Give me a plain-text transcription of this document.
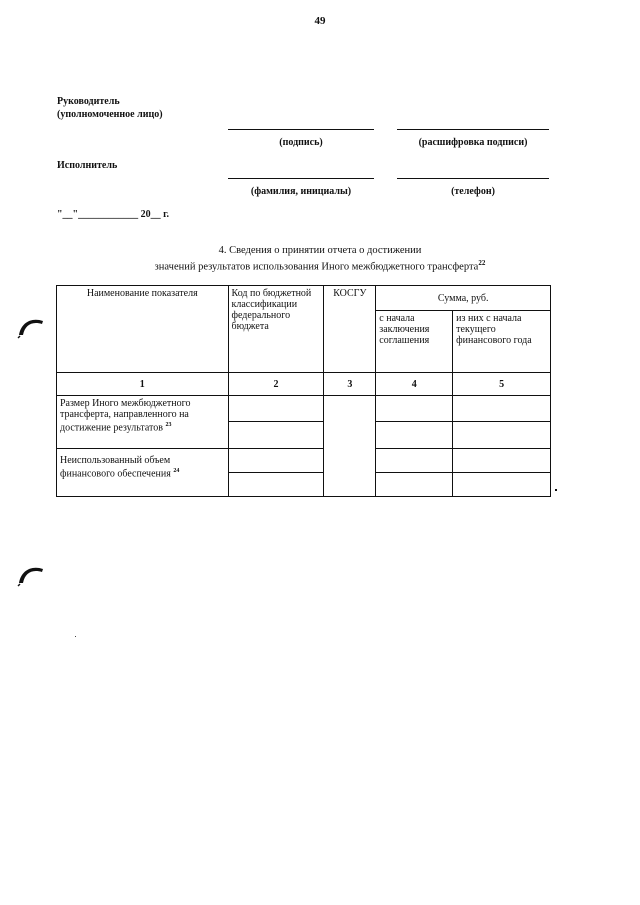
49
Руководитель
(уполномоченное лицо)
(подпись)	(расшифровка подписи)
Исполнитель
(фамилия, инициалы)	(телефон)
"__"____________ 20__ г.
4. Сведения о принятии отчета о достижении
значений результатов использования Иного межбюджетного трансферта$^{22}$
Наименование показателя	Код по бюджетной классификации федерального бюджета	КОСГУ	Сумма, руб.	
			с начала заключения соглашения	из них с начала текущего финансового года
1	2	3	4	5
Размер Иного межбюджетного трансферта, направленного на достижение результатов $^{23}$				

Неиспользованный объем финансового обеспечения $^{24}$			
